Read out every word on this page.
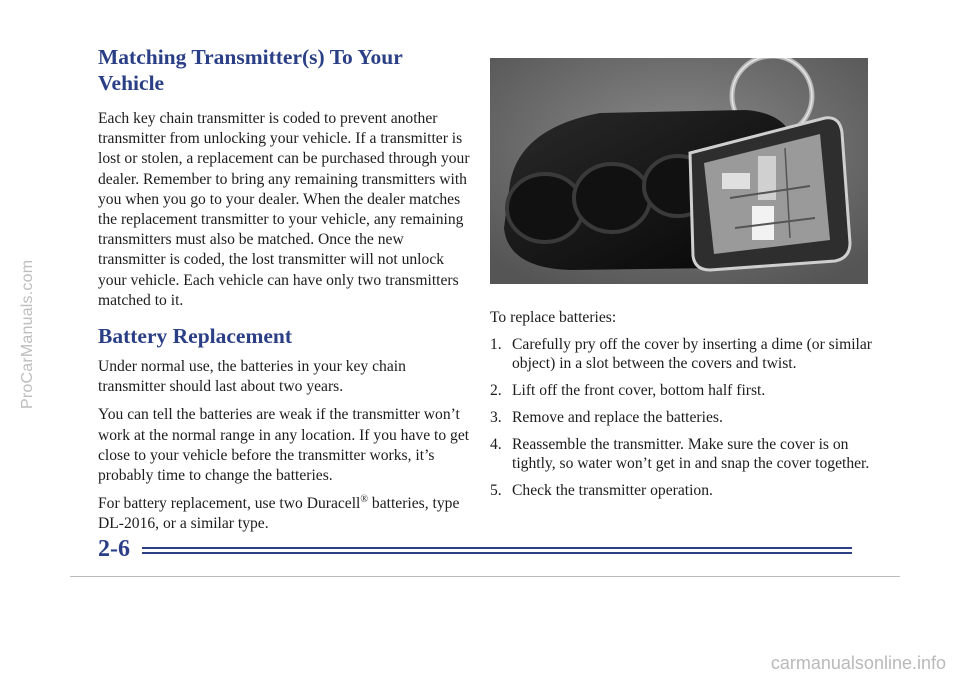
Matching Transmitter(s) To Your Vehicle

Each key chain transmitter is coded to prevent another transmitter from unlocking your vehicle. If a transmitter is lost or stolen, a replacement can be purchased through your dealer. Remember to bring any remaining transmitters with you when you go to your dealer. When the dealer matches the replacement transmitter to your vehicle, any remaining transmitters must also be matched. Once the new transmitter is coded, the lost transmitter will not unlock your vehicle. Each vehicle can have only two transmitters matched to it.

Battery Replacement

Under normal use, the batteries in your key chain transmitter should last about two years.

You can tell the batteries are weak if the transmitter won’t work at the normal range in any location. If you have to get close to your vehicle before the transmitter works, it’s probably time to change the batteries.

For battery replacement, use two Duracell® batteries, type DL-2016, or a similar type.

To replace batteries:

1. Carefully pry off the cover by inserting a dime (or similar object) in a slot between the covers and twist.
2. Lift off the front cover, bottom half first.
3. Remove and replace the batteries.
4. Reassemble the transmitter. Make sure the cover is on tightly, so water won’t get in and snap the cover together.
5. Check the transmitter operation.
2-6
ProCarManuals.com
carmanualsonline.info
